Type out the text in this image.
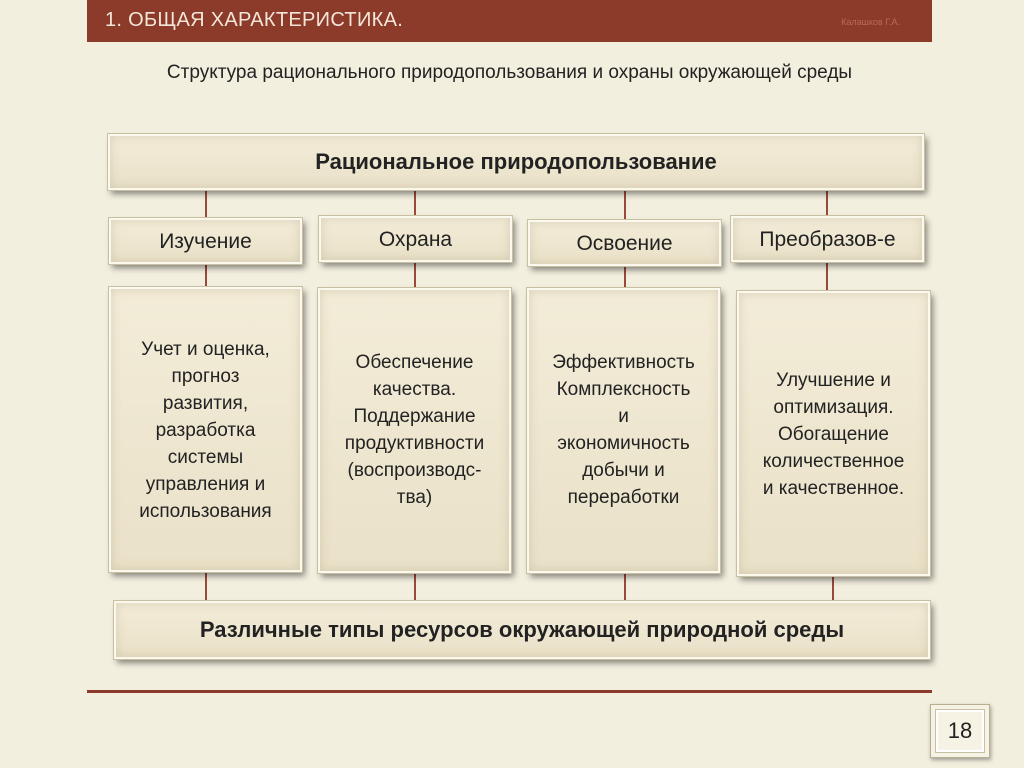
1. ОБЩАЯ ХАРАКТЕРИСТИКА.	Калашков Г.А.
Структура рационального природопользования и охраны окружающей среды
Рациональное природопользование
Изучение	Охрана	Освоение	Преобразов-е
Учет и оценка,
прогноз
развития,
разработка
системы
управления и
использования
Обеспечение
качества.
Поддержание
продуктивности
(воспроизводс-
тва)
Эффективность
Комплексность
и
экономичность
добычи и
переработки
Улучшение и
оптимизация.
Обогащение
количественное
и качественное.
Различные типы ресурсов окружающей природной среды
18
